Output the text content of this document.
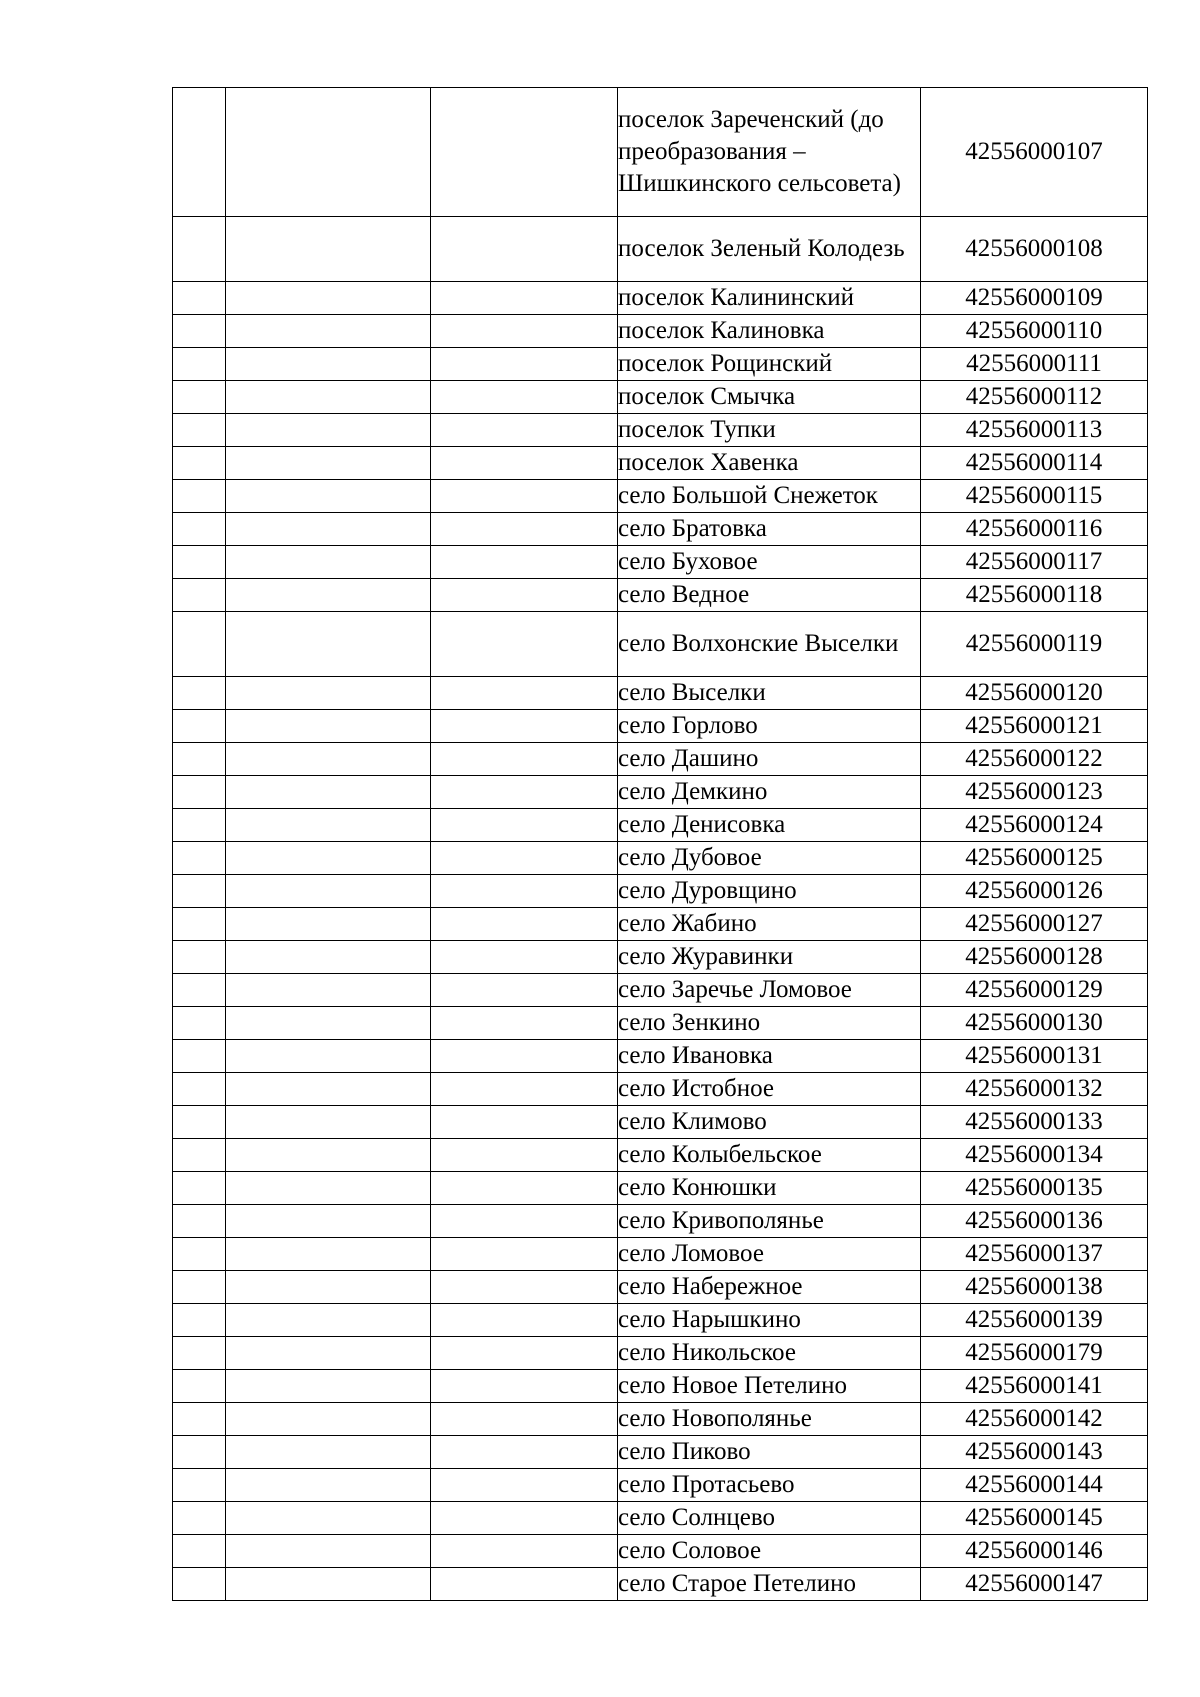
			поселок Зареченский (до преобразования – Шишкинского сельсовета)	42556000107
			поселок Зеленый Колодезь	42556000108
			поселок Калининский	42556000109
			поселок Калиновка	42556000110
			поселок Рощинский	42556000111
			поселок Смычка	42556000112
			поселок Тупки	42556000113
			поселок Хавенка	42556000114
			село Большой Снежеток	42556000115
			село Братовка	42556000116
			село Буховое	42556000117
			село Ведное	42556000118
			село Волхонские Выселки	42556000119
			село Выселки	42556000120
			село Горлово	42556000121
			село Дашино	42556000122
			село Демкино	42556000123
			село Денисовка	42556000124
			село Дубовое	42556000125
			село Дуровщино	42556000126
			село Жабино	42556000127
			село Журавинки	42556000128
			село Заречье Ломовое	42556000129
			село Зенкино	42556000130
			село Ивановка	42556000131
			село Истобное	42556000132
			село Климово	42556000133
			село Колыбельское	42556000134
			село Конюшки	42556000135
			село Кривополянье	42556000136
			село Ломовое	42556000137
			село Набережное	42556000138
			село Нарышкино	42556000139
			село Никольское	42556000179
			село Новое Петелино	42556000141
			село Новополянье	42556000142
			село Пиково	42556000143
			село Протасьево	42556000144
			село Солнцево	42556000145
			село Соловое	42556000146
			село Старое Петелино	42556000147
